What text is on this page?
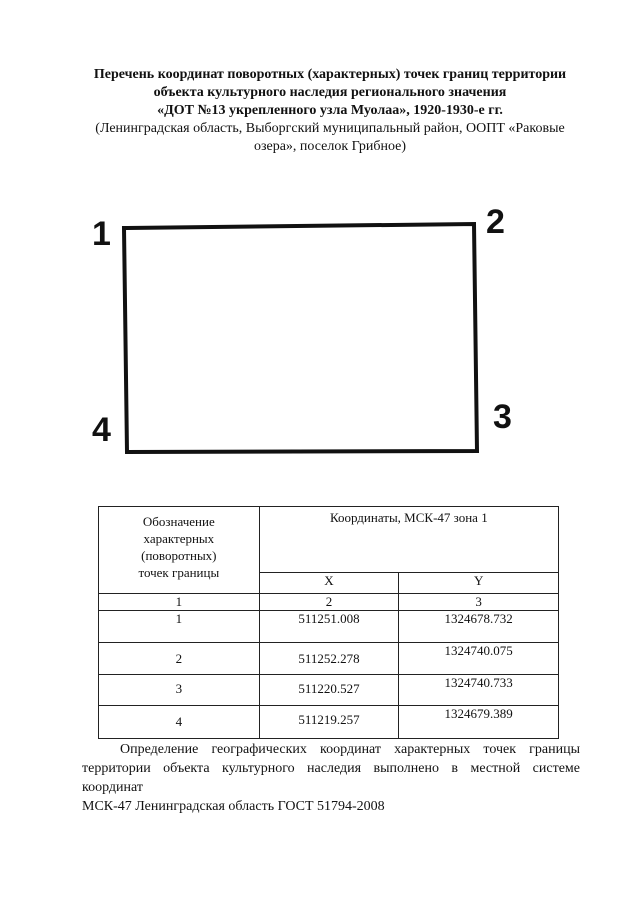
Перечень координат поворотных (характерных) точек границ территории
объекта культурного наследия регионального значения
«ДОТ №13 укрепленного узла Муолаа», 1920-1930-е гг.
(Ленинградская область, Выборгский муниципальный район, ООПТ «Раковые
озера», поселок Грибное)
1	2
3
4
Обозначение
характерных
(поворотных)
точек границы	Координаты, МСК-47 зона 1	
	X	Y
1	2	3
1	511251.008	1324678.732
2	511252.278	1324740.075
3	511220.527	1324740.733
4	511219.257	1324679.389
Определение географических координат характерных точек границы
территории объекта культурного наследия выполнено в местной системе координат
МСК-47 Ленинградская область ГОСТ 51794-2008
